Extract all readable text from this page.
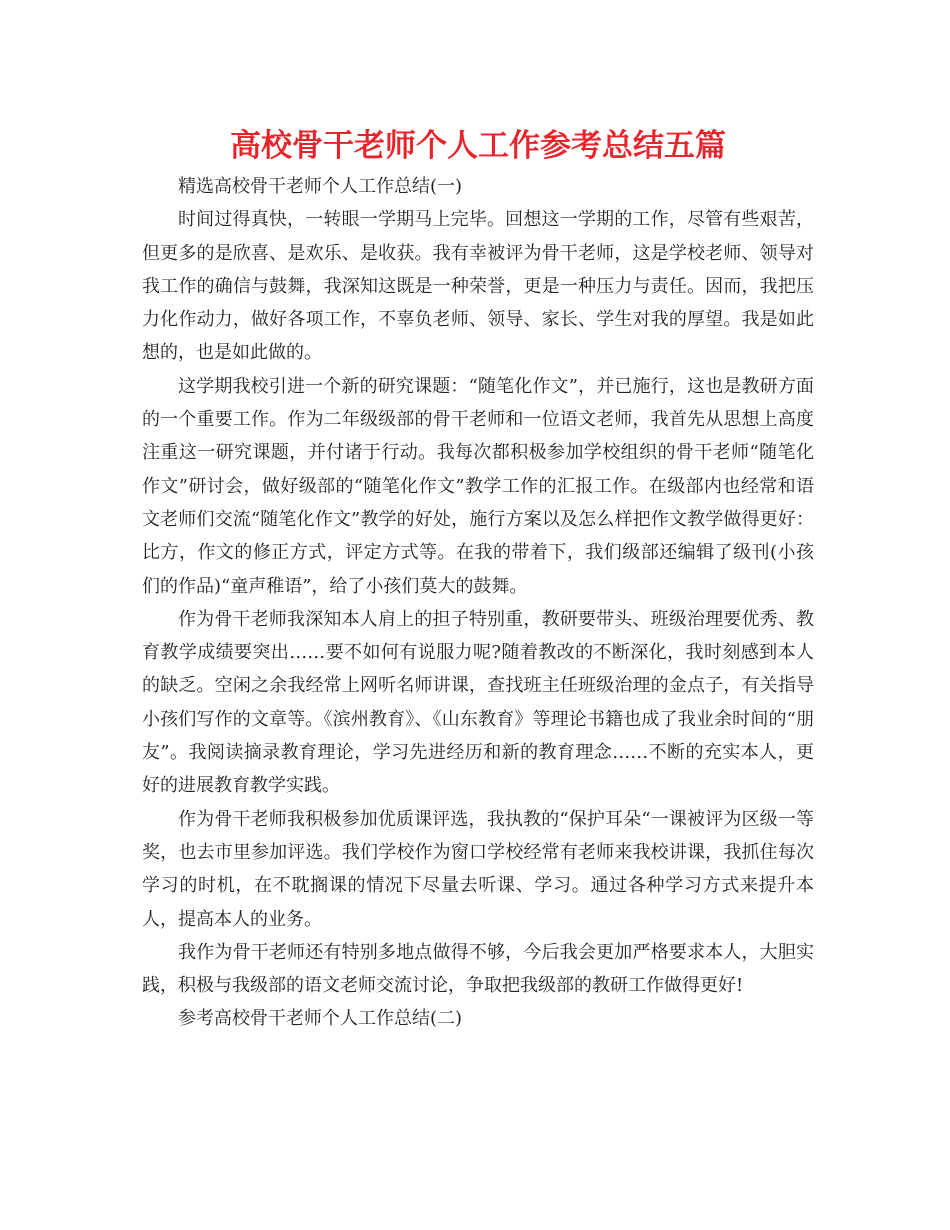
高校骨干老师个人工作参考总结五篇

精选高校骨干老师个人工作总结(一)

时间过得真快，一转眼一学期马上完毕。回想这一学期的工作，尽管有些艰苦，但更多的是欣喜、是欢乐、是收获。我有幸被评为骨干老师，这是学校老师、领导对我工作的确信与鼓舞，我深知这既是一种荣誉，更是一种压力与责任。因而，我把压力化作动力，做好各项工作，不辜负老师、领导、家长、学生对我的厚望。我是如此想的，也是如此做的。

这学期我校引进一个新的研究课题：“随笔化作文”，并已施行，这也是教研方面的一个重要工作。作为二年级级部的骨干老师和一位语文老师，我首先从思想上高度注重这一研究课题，并付诸于行动。我每次都积极参加学校组织的骨干老师“随笔化作文”研讨会，做好级部的“随笔化作文”教学工作的汇报工作。在级部内也经常和语文老师们交流“随笔化作文”教学的好处，施行方案以及怎么样把作文教学做得更好：比方，作文的修正方式，评定方式等。在我的带着下，我们级部还编辑了级刊(小孩们的作品)“童声稚语”，给了小孩们莫大的鼓舞。

作为骨干老师我深知本人肩上的担子特别重，教研要带头、班级治理要优秀、教育教学成绩要突出……要不如何有说服力呢?随着教改的不断深化，我时刻感到本人的缺乏。空闲之余我经常上网听名师讲课，查找班主任班级治理的金点子，有关指导小孩们写作的文章等。《滨州教育》、《山东教育》等理论书籍也成了我业余时间的“朋友”。我阅读摘录教育理论，学习先进经历和新的教育理念……不断的充实本人，更好的进展教育教学实践。

作为骨干老师我积极参加优质课评选，我执教的“保护耳朵“一课被评为区级一等奖，也去市里参加评选。我们学校作为窗口学校经常有老师来我校讲课，我抓住每次学习的时机，在不耽搁课的情况下尽量去听课、学习。通过各种学习方式来提升本人，提高本人的业务。

我作为骨干老师还有特别多地点做得不够，今后我会更加严格要求本人，大胆实践，积极与我级部的语文老师交流讨论，争取把我级部的教研工作做得更好!

参考高校骨干老师个人工作总结(二)
